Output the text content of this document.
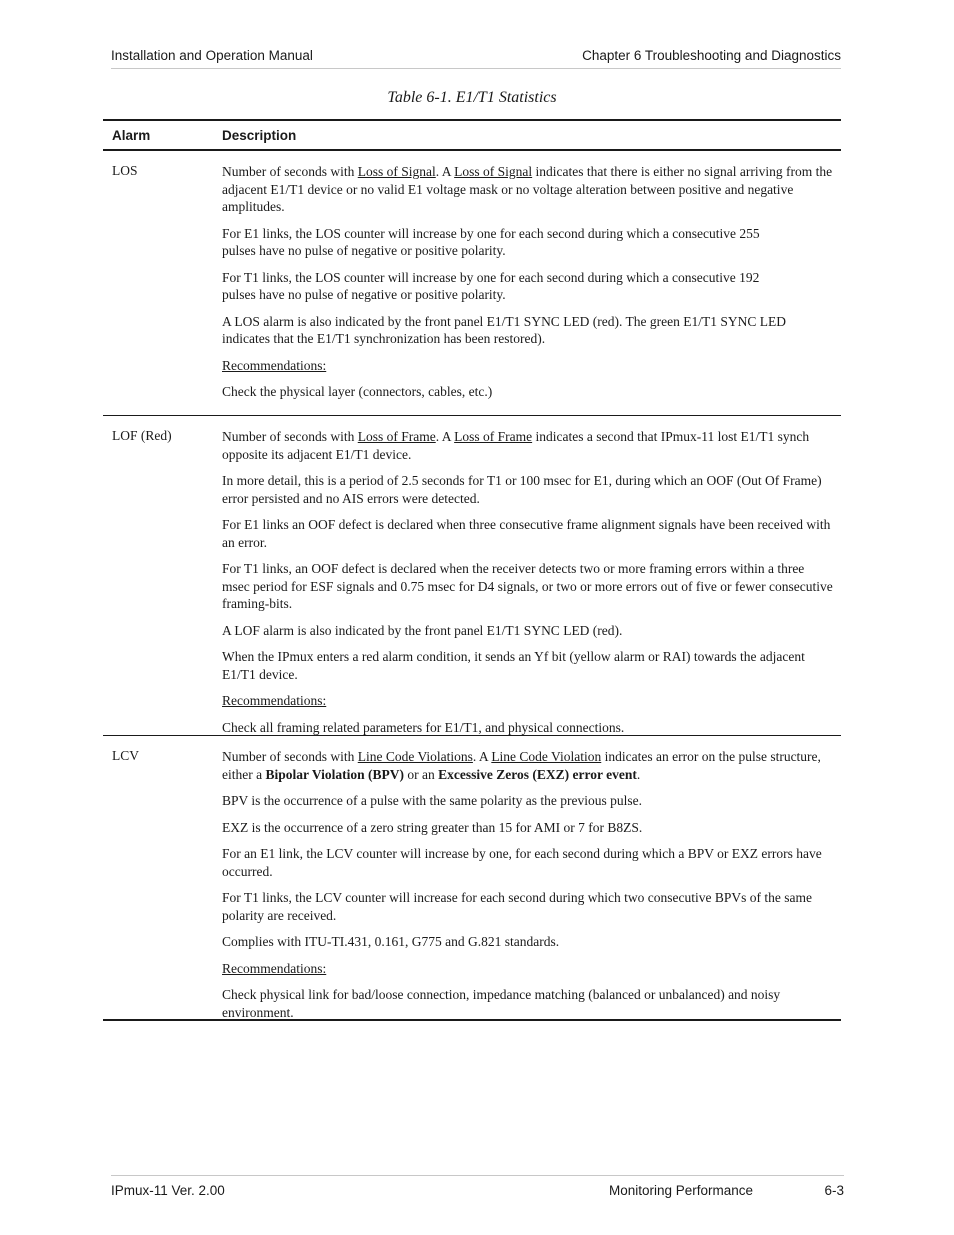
Installation and Operation Manual	Chapter 6 Troubleshooting and Diagnostics
Table 6-1. E1/T1 Statistics
Alarm	Description
LOS	Number of seconds with Loss of Signal. A Loss of Signal indicates that there is either no signal arriving from the adjacent E1/T1 device or no valid E1 voltage mask or no voltage alteration between positive and negative amplitudes.

For E1 links, the LOS counter will increase by one for each second during which a consecutive 255 pulses have no pulse of negative or positive polarity.

For T1 links, the LOS counter will increase by one for each second during which a consecutive 192 pulses have no pulse of negative or positive polarity.

A LOS alarm is also indicated by the front panel E1/T1 SYNC LED (red). The green E1/T1 SYNC LED indicates that the E1/T1 synchronization has been restored).

Recommendations:

Check the physical layer (connectors, cables, etc.)

LOF (Red)	Number of seconds with Loss of Frame. A Loss of Frame indicates a second that IPmux-11 lost E1/T1 synch opposite its adjacent E1/T1 device.

In more detail, this is a period of 2.5 seconds for T1 or 100 msec for E1, during which an OOF (Out Of Frame) error persisted and no AIS errors were detected.

For E1 links an OOF defect is declared when three consecutive frame alignment signals have been received with an error.

For T1 links, an OOF defect is declared when the receiver detects two or more framing errors within a three msec period for ESF signals and 0.75 msec for D4 signals, or two or more errors out of five or fewer consecutive framing-bits.

A LOF alarm is also indicated by the front panel E1/T1 SYNC LED (red).

When the IPmux enters a red alarm condition, it sends an Yf bit (yellow alarm or RAI) towards the adjacent E1/T1 device.

Recommendations:

Check all framing related parameters for E1/T1, and physical connections.

LCV	Number of seconds with Line Code Violations. A Line Code Violation indicates an error on the pulse structure, either a Bipolar Violation (BPV) or an Excessive Zeros (EXZ) error event.

BPV is the occurrence of a pulse with the same polarity as the previous pulse.

EXZ is the occurrence of a zero string greater than 15 for AMI or 7 for B8ZS.

For an E1 link, the LCV counter will increase by one, for each second during which a BPV or EXZ errors have occurred.

For T1 links, the LCV counter will increase for each second during which two consecutive BPVs of the same polarity are received.

Complies with ITU-TI.431, 0.161, G775 and G.821 standards.

Recommendations:

Check physical link for bad/loose connection, impedance matching (balanced or unbalanced) and noisy environment.

IPmux-11 Ver. 2.00	Monitoring Performance	6-3
